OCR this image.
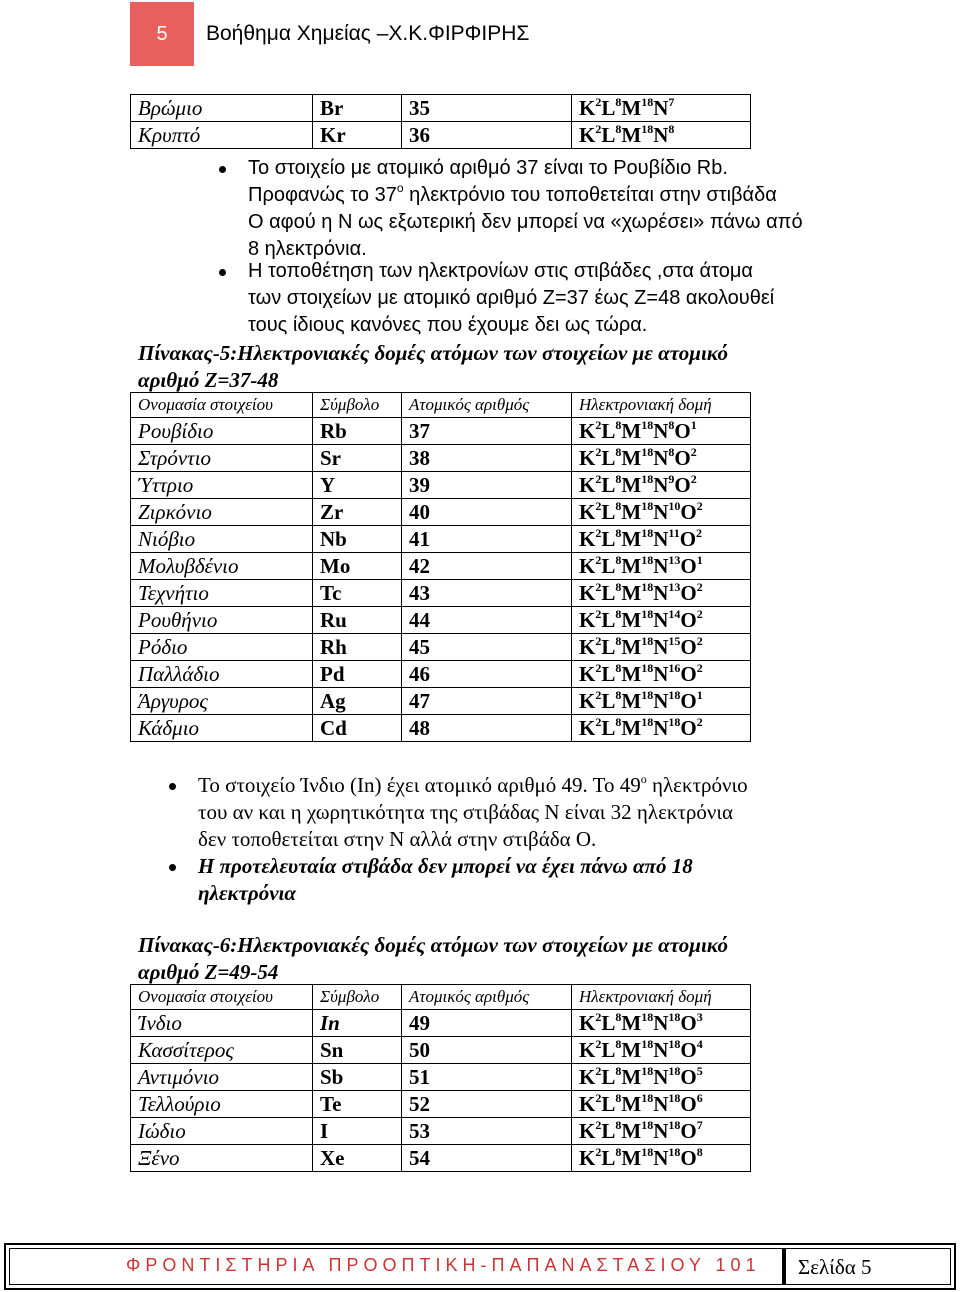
5 Βοήθημα Χημείας –Χ.Κ.ΦΙΡΦΙΡΗΣ
Βρώμιο	Br	35	$K^2L^8M^{18}N^7$
Κρυπτό	Kr	36	$K^2L^8M^{18}N^8$
Το στοιχείο με ατομικό αριθμό 37 είναι το Ρουβίδιο Rb.
Προφανώς το $37^o$ ηλεκτρόνιο του τοποθετείται στην στιβάδα
Ο αφού η Ν ως εξωτερική δεν μπορεί να «χωρέσει» πάνω από
8 ηλεκτρόνια.
Η τοποθέτηση των ηλεκτρονίων στις στιβάδες ,στα άτομα
των στοιχείων με ατομικό αριθμό Ζ=37 έως Ζ=48 ακολουθεί
τους ίδιους κανόνες που έχουμε δει ως τώρα.
Πίνακας-5:Ηλεκτρονιακές δομές ατόμων των στοιχείων με ατομικό
αριθμό Ζ=37-48
Ονομασία στοιχείου	Σύμβολο	Ατομικός αριθμός	Ηλεκτρονιακή δομή
Ρουβίδιο	Rb	37	$K^2L^8M^{18}N^8O^1$
Στρόντιο	Sr	38	$K^2L^8M^{18}N^8O^2$
Ύττριο	Y	39	$K^2L^8M^{18}N^9O^2$
Ζιρκόνιο	Zr	40	$K^2L^8M^{18}N^{10}O^2$
Νιόβιο	Nb	41	$K^2L^8M^{18}N^{11}O^2$
Μολυβδένιο	Mo	42	$K^2L^8M^{18}N^{13}O^1$
Τεχνήτιο	Tc	43	$K^2L^8M^{18}N^{13}O^2$
Ρουθήνιο	Ru	44	$K^2L^8M^{18}N^{14}O^2$
Ρόδιο	Rh	45	$K^2L^8M^{18}N^{15}O^2$
Παλλάδιο	Pd	46	$K^2L^8M^{18}N^{16}O^2$
Άργυρος	Ag	47	$K^2L^8M^{18}N^{18}O^1$
Κάδμιο	Cd	48	$K^2L^8M^{18}N^{18}O^2$
Το στοιχείο Ίνδιο (In) έχει ατομικό αριθμό 49. Το $49^o$ ηλεκτρόνιο
του αν και η χωρητικότητα της στιβάδας Ν είναι 32 ηλεκτρόνια
δεν τοποθετείται στην Ν αλλά στην στιβάδα Ο.
Η προτελευταία στιβάδα δεν μπορεί να έχει πάνω από 18
ηλεκτρόνια
Πίνακας-6:Ηλεκτρονιακές δομές ατόμων των στοιχείων με ατομικό
αριθμό Ζ=49-54
Ονομασία στοιχείου	Σύμβολο	Ατομικός αριθμός	Ηλεκτρονιακή δομή
Ίνδιο	In	49	$K^2L^8M^{18}N^{18}O^3$
Κασσίτερος	Sn	50	$K^2L^8M^{18}N^{18}O^4$
Αντιμόνιο	Sb	51	$K^2L^8M^{18}N^{18}O^5$
Τελλούριο	Te	52	$K^2L^8M^{18}N^{18}O^6$
Ιώδιο	I	53	$K^2L^8M^{18}N^{18}O^7$
Ξένο	Xe	54	$K^2L^8M^{18}N^{18}O^8$
ΦΡΟΝΤΙΣΤΗΡΙΑ ΠΡΟΟΠΤΙΚΗ-ΠΑΠΑΝΑΣΤΑΣΙΟΥ 101 Σελίδα 5
